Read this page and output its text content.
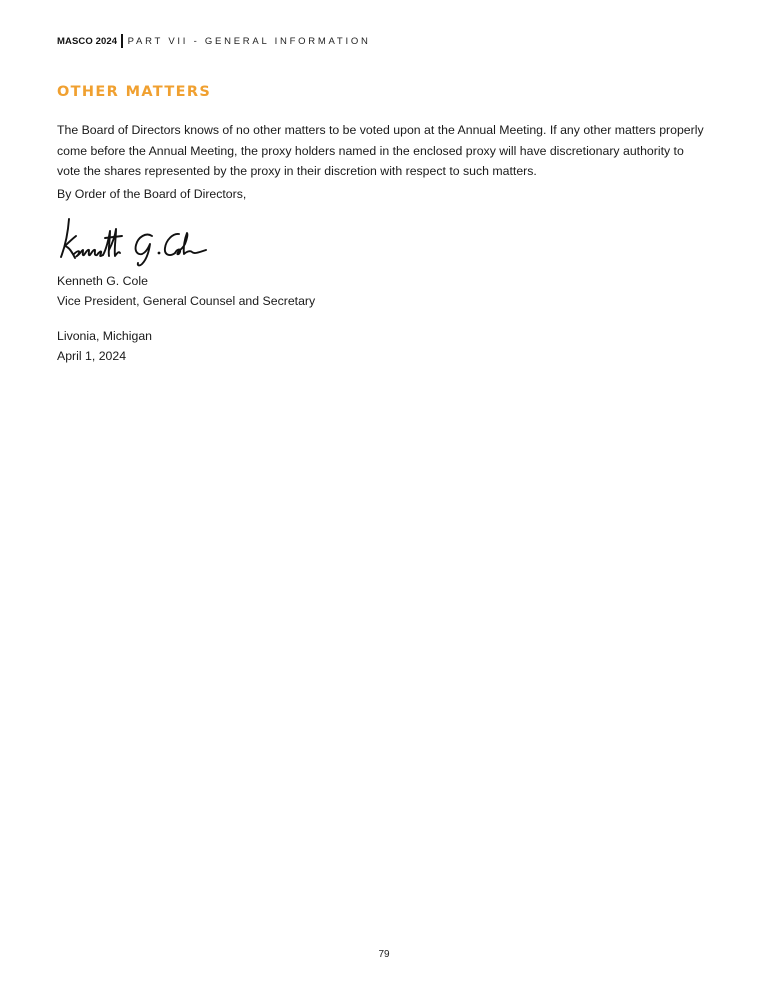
MASCO 2024 PART VII - GENERAL INFORMATION
OTHER MATTERS

The Board of Directors knows of no other matters to be voted upon at the Annual Meeting. If any other matters properly come before the Annual Meeting, the proxy holders named in the enclosed proxy will have discretionary authority to vote the shares represented by the proxy in their discretion with respect to such matters.

By Order of the Board of Directors,

Kenneth G. Cole
Vice President, General Counsel and Secretary
Livonia, Michigan
April 1, 2024
79
